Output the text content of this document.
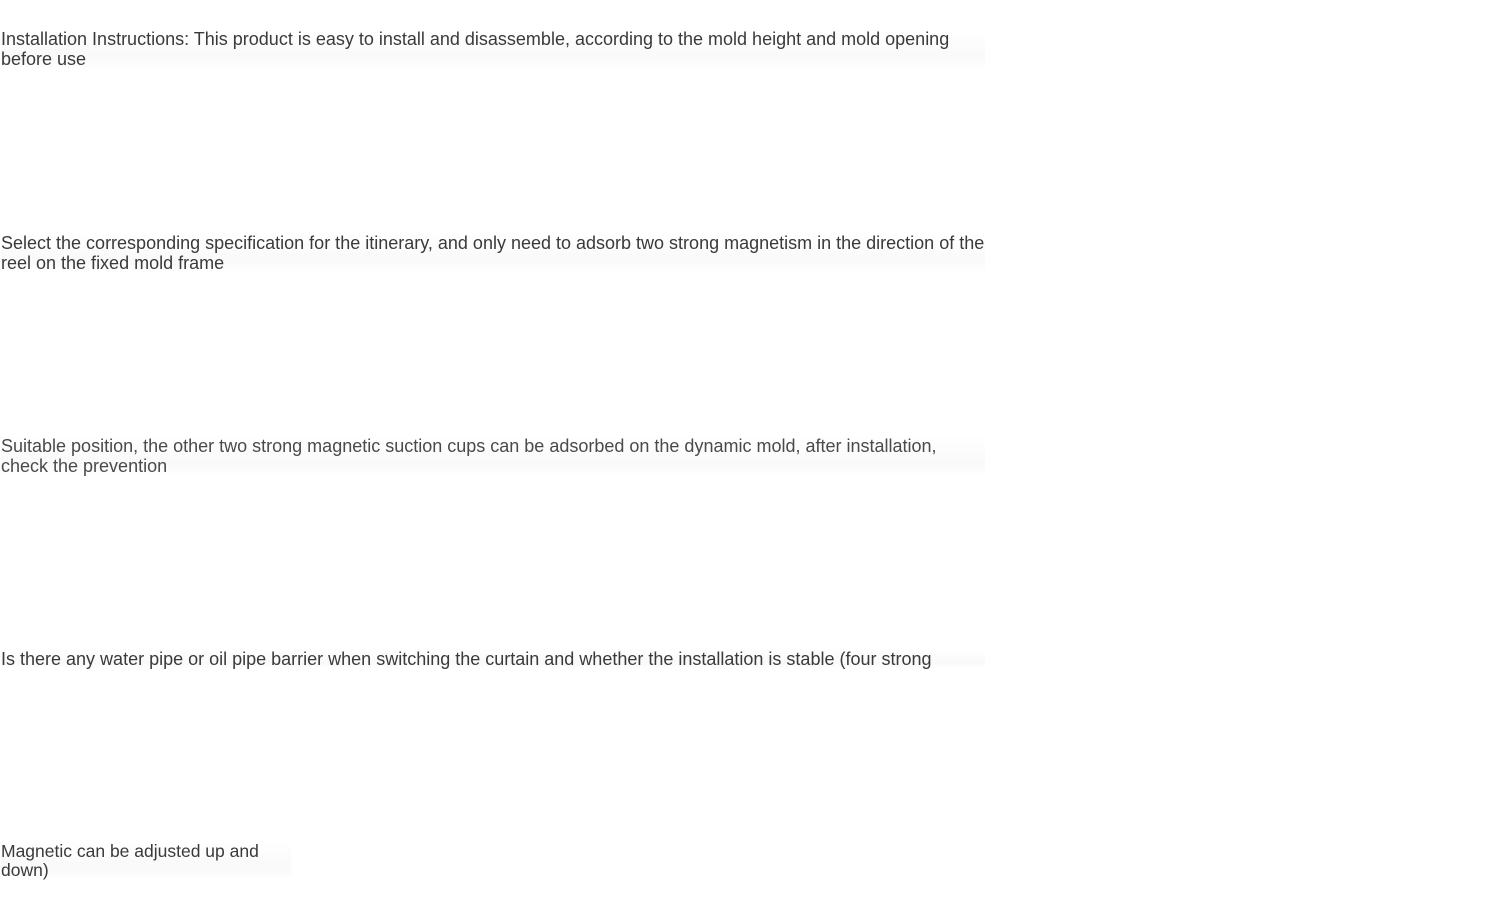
Installation Instructions: This product is easy to install and disassemble, according to the mold height and mold opening before use

Select the corresponding specification for the itinerary, and only need to adsorb two strong magnetism in the direction of the reel on the fixed mold frame

Suitable position, the other two strong magnetic suction cups can be adsorbed on the dynamic mold, after installation, check the prevention

Is there any water pipe or oil pipe barrier when switching the curtain and whether the installation is stable (four strong

Magnetic can be adjusted up and down)
